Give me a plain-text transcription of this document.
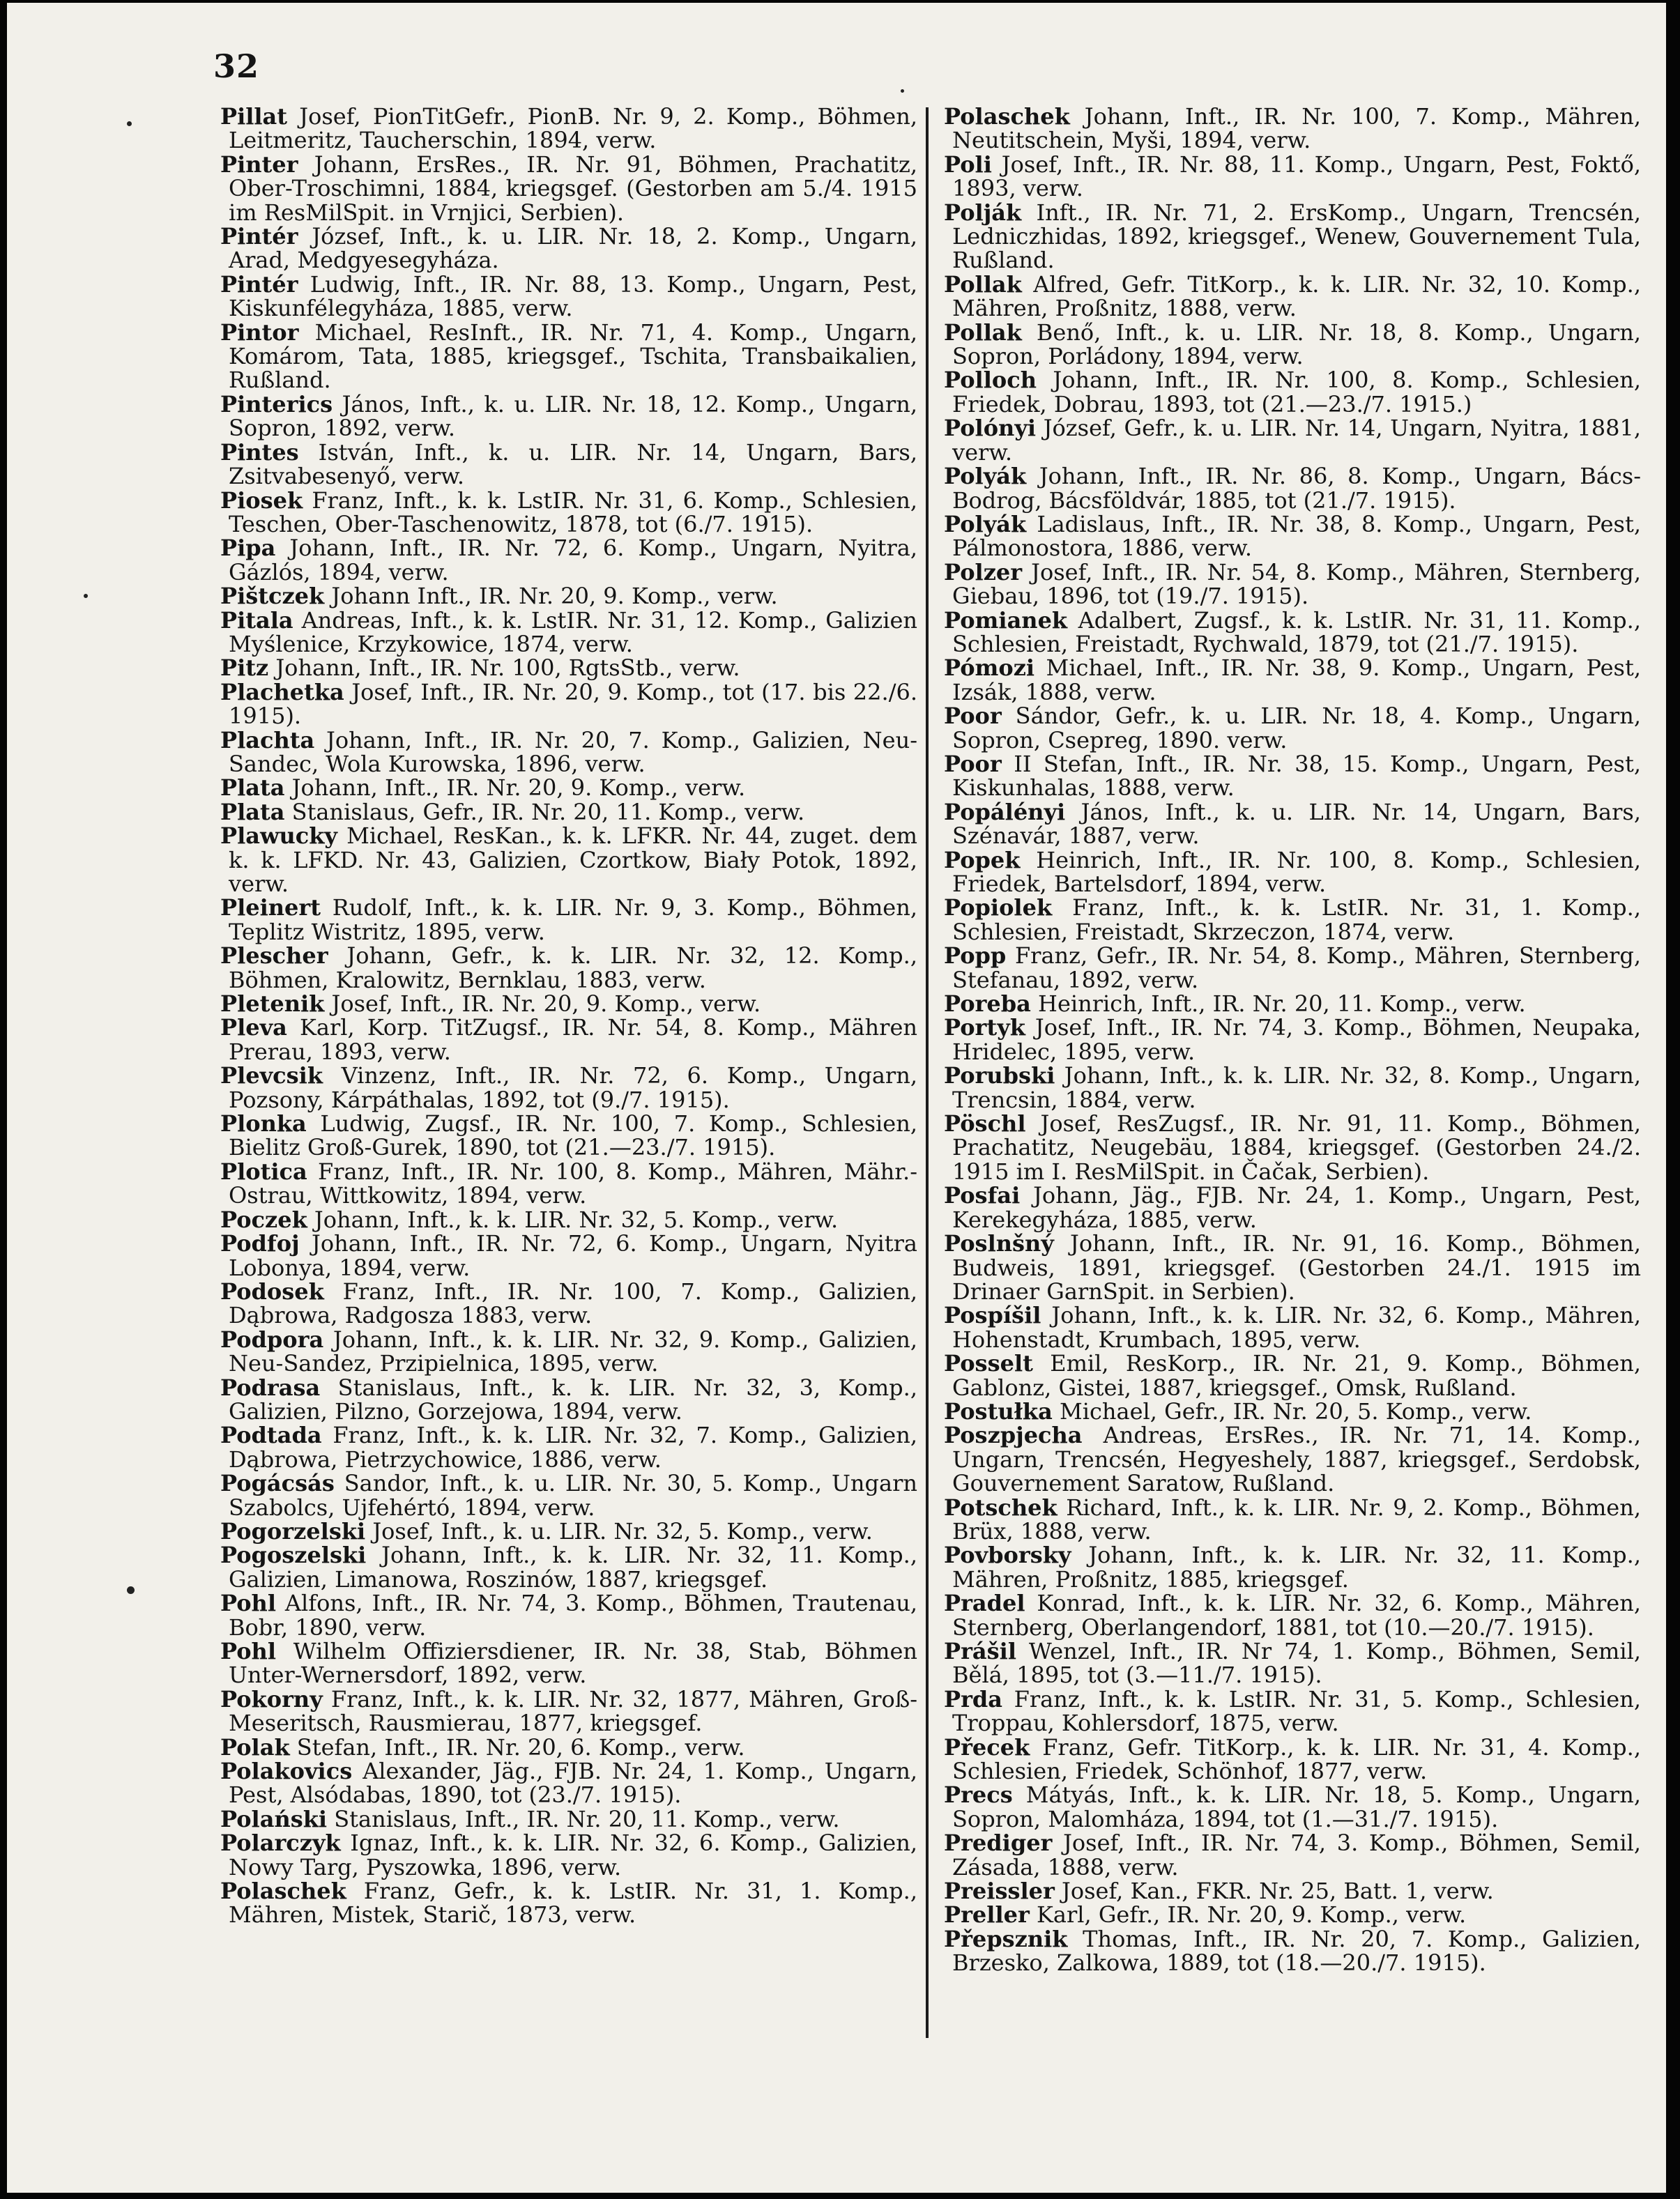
32

Pillat Josef, PionTitGefr., PionB. Nr. 9, 2. Komp., Böhmen, Leitmeritz, Taucherschin, 1894, verw.

Pinter Johann, ErsRes., IR. Nr. 91, Böhmen, Prachatitz, Ober-Troschimni, 1884, kriegsgef. (Gestorben am 5./4. 1915 im ResMilSpit. in Vrnjici, Serbien).

Pintér József, Inft., k. u. LIR. Nr. 18, 2. Komp., Ungarn, Arad, Medgyesegyháza.

Pintér Ludwig, Inft., IR. Nr. 88, 13. Komp., Ungarn, Pest, Kiskunfélegyháza, 1885, verw.

Pintor Michael, ResInft., IR. Nr. 71, 4. Komp., Ungarn, Komárom, Tata, 1885, kriegsgef., Tschita, Transbaikalien, Rußland.

Pinterics János, Inft., k. u. LIR. Nr. 18, 12. Komp., Ungarn, Sopron, 1892, verw.

Pintes István, Inft., k. u. LIR. Nr. 14, Ungarn, Bars, Zsitvabesenyő, verw.

Piosek Franz, Inft., k. k. LstIR. Nr. 31, 6. Komp., Schlesien, Teschen, Ober-Taschenowitz, 1878, tot (6./7. 1915).

Pipa Johann, Inft., IR. Nr. 72, 6. Komp., Ungarn, Nyitra, Gázlós, 1894, verw.

Pištczek Johann Inft., IR. Nr. 20, 9. Komp., verw.

Pitala Andreas, Inft., k. k. LstIR. Nr. 31, 12. Komp., Galizien Myślenice, Krzykowice, 1874, verw.

Pitz Johann, Inft., IR. Nr. 100, RgtsStb., verw.

Plachetka Josef, Inft., IR. Nr. 20, 9. Komp., tot (17. bis 22./6. 1915).

Plachta Johann, Inft., IR. Nr. 20, 7. Komp., Galizien, Neu-Sandec, Wola Kurowska, 1896, verw.

Plata Johann, Inft., IR. Nr. 20, 9. Komp., verw.

Plata Stanislaus, Gefr., IR. Nr. 20, 11. Komp., verw.

Plawucky Michael, ResKan., k. k. LFKR. Nr. 44, zuget. dem k. k. LFKD. Nr. 43, Galizien, Czortkow, Biały Potok, 1892, verw.

Pleinert Rudolf, Inft., k. k. LIR. Nr. 9, 3. Komp., Böhmen, Teplitz Wistritz, 1895, verw.

Plescher Johann, Gefr., k. k. LIR. Nr. 32, 12. Komp., Böhmen, Kralowitz, Bernklau, 1883, verw.

Pletenik Josef, Inft., IR. Nr. 20, 9. Komp., verw.

Pleva Karl, Korp. TitZugsf., IR. Nr. 54, 8. Komp., Mähren Prerau, 1893, verw.

Plevcsik Vinzenz, Inft., IR. Nr. 72, 6. Komp., Ungarn, Pozsony, Kárpáthalas, 1892, tot (9./7. 1915).

Plonka Ludwig, Zugsf., IR. Nr. 100, 7. Komp., Schlesien, Bielitz Groß-Gurek, 1890, tot (21.—23./7. 1915).

Plotica Franz, Inft., IR. Nr. 100, 8. Komp., Mähren, Mähr.-Ostrau, Wittkowitz, 1894, verw.

Poczek Johann, Inft., k. k. LIR. Nr. 32, 5. Komp., verw.

Podfoj Johann, Inft., IR. Nr. 72, 6. Komp., Ungarn, Nyitra Lobonya, 1894, verw.

Podosek Franz, Inft., IR. Nr. 100, 7. Komp., Galizien, Dąbrowa, Radgosza 1883, verw.

Podpora Johann, Inft., k. k. LIR. Nr. 32, 9. Komp., Galizien, Neu-Sandez, Przipielnica, 1895, verw.

Podrasa Stanislaus, Inft., k. k. LIR. Nr. 32, 3, Komp., Galizien, Pilzno, Gorzejowa, 1894, verw.

Podtada Franz, Inft., k. k. LIR. Nr. 32, 7. Komp., Galizien, Dąbrowa, Pietrzychowice, 1886, verw.

Pogácsás Sandor, Inft., k. u. LIR. Nr. 30, 5. Komp., Ungarn Szabolcs, Ujfehértó, 1894, verw.

Pogorzelski Josef, Inft., k. u. LIR. Nr. 32, 5. Komp., verw.

Pogoszelski Johann, Inft., k. k. LIR. Nr. 32, 11. Komp., Galizien, Limanowa, Roszinów, 1887, kriegsgef.

Pohl Alfons, Inft., IR. Nr. 74, 3. Komp., Böhmen, Trautenau, Bobr, 1890, verw.

Pohl Wilhelm Offiziersdiener, IR. Nr. 38, Stab, Böhmen Unter-Wernersdorf, 1892, verw.

Pokorny Franz, Inft., k. k. LIR. Nr. 32, 1877, Mähren, Groß-Meseritsch, Rausmierau, 1877, kriegsgef.

Polak Stefan, Inft., IR. Nr. 20, 6. Komp., verw.

Polakovics Alexander, Jäg., FJB. Nr. 24, 1. Komp., Ungarn, Pest, Alsódabas, 1890, tot (23./7. 1915).

Polański Stanislaus, Inft., IR. Nr. 20, 11. Komp., verw.

Polarczyk Ignaz, Inft., k. k. LIR. Nr. 32, 6. Komp., Galizien, Nowy Targ, Pyszowka, 1896, verw.

Polaschek Franz, Gefr., k. k. LstIR. Nr. 31, 1. Komp., Mähren, Mistek, Starič, 1873, verw.

Polaschek Johann, Inft., IR. Nr. 100, 7. Komp., Mähren, Neutitschein, Myši, 1894, verw.

Poli Josef, Inft., IR. Nr. 88, 11. Komp., Ungarn, Pest, Foktő, 1893, verw.

Polják Inft., IR. Nr. 71, 2. ErsKomp., Ungarn, Trencsén, Ledniczhidas, 1892, kriegsgef., Wenew, Gouvernement Tula, Rußland.

Pollak Alfred, Gefr. TitKorp., k. k. LIR. Nr. 32, 10. Komp., Mähren, Proßnitz, 1888, verw.

Pollak Benő, Inft., k. u. LIR. Nr. 18, 8. Komp., Ungarn, Sopron, Porládony, 1894, verw.

Polloch Johann, Inft., IR. Nr. 100, 8. Komp., Schlesien, Friedek, Dobrau, 1893, tot (21.—23./7. 1915.)

Polónyi József, Gefr., k. u. LIR. Nr. 14, Ungarn, Nyitra, 1881, verw.

Polyák Johann, Inft., IR. Nr. 86, 8. Komp., Ungarn, Bács-Bodrog, Bácsföldvár, 1885, tot (21./7. 1915).

Polyák Ladislaus, Inft., IR. Nr. 38, 8. Komp., Ungarn, Pest, Pálmonostora, 1886, verw.

Polzer Josef, Inft., IR. Nr. 54, 8. Komp., Mähren, Sternberg, Giebau, 1896, tot (19./7. 1915).

Pomianek Adalbert, Zugsf., k. k. LstIR. Nr. 31, 11. Komp., Schlesien, Freistadt, Rychwald, 1879, tot (21./7. 1915).

Pómozi Michael, Inft., IR. Nr. 38, 9. Komp., Ungarn, Pest, Izsák, 1888, verw.

Poor Sándor, Gefr., k. u. LIR. Nr. 18, 4. Komp., Ungarn, Sopron, Csepreg, 1890. verw.

Poor II Stefan, Inft., IR. Nr. 38, 15. Komp., Ungarn, Pest, Kiskunhalas, 1888, verw.

Popálényi János, Inft., k. u. LIR. Nr. 14, Ungarn, Bars, Szénavár, 1887, verw.

Popek Heinrich, Inft., IR. Nr. 100, 8. Komp., Schlesien, Friedek, Bartelsdorf, 1894, verw.

Popiolek Franz, Inft., k. k. LstIR. Nr. 31, 1. Komp., Schlesien, Freistadt, Skrzeczon, 1874, verw.

Popp Franz, Gefr., IR. Nr. 54, 8. Komp., Mähren, Sternberg, Stefanau, 1892, verw.

Poreba Heinrich, Inft., IR. Nr. 20, 11. Komp., verw.

Portyk Josef, Inft., IR. Nr. 74, 3. Komp., Böhmen, Neupaka, Hridelec, 1895, verw.

Porubski Johann, Inft., k. k. LIR. Nr. 32, 8. Komp., Ungarn, Trencsin, 1884, verw.

Pöschl Josef, ResZugsf., IR. Nr. 91, 11. Komp., Böhmen, Prachatitz, Neugebäu, 1884, kriegsgef. (Gestorben 24./2. 1915 im I. ResMilSpit. in Čačak, Serbien).

Posfai Johann, Jäg., FJB. Nr. 24, 1. Komp., Ungarn, Pest, Kerekegyháza, 1885, verw.

Poslnšný Johann, Inft., IR. Nr. 91, 16. Komp., Böhmen, Budweis, 1891, kriegsgef. (Gestorben 24./1. 1915 im Drinaer GarnSpit. in Serbien).

Pospíšil Johann, Inft., k. k. LIR. Nr. 32, 6. Komp., Mähren, Hohenstadt, Krumbach, 1895, verw.

Posselt Emil, ResKorp., IR. Nr. 21, 9. Komp., Böhmen, Gablonz, Gistei, 1887, kriegsgef., Omsk, Rußland.

Postułka Michael, Gefr., IR. Nr. 20, 5. Komp., verw.

Poszpjecha Andreas, ErsRes., IR. Nr. 71, 14. Komp., Ungarn, Trencsén, Hegyeshely, 1887, kriegsgef., Serdobsk, Gouvernement Saratow, Rußland.

Potschek Richard, Inft., k. k. LIR. Nr. 9, 2. Komp., Böhmen, Brüx, 1888, verw.

Povborsky Johann, Inft., k. k. LIR. Nr. 32, 11. Komp., Mähren, Proßnitz, 1885, kriegsgef.

Pradel Konrad, Inft., k. k. LIR. Nr. 32, 6. Komp., Mähren, Sternberg, Oberlangendorf, 1881, tot (10.—20./7. 1915).

Prášil Wenzel, Inft., IR. Nr 74, 1. Komp., Böhmen, Semil, Bělá, 1895, tot (3.—11./7. 1915).

Prda Franz, Inft., k. k. LstIR. Nr. 31, 5. Komp., Schlesien, Troppau, Kohlersdorf, 1875, verw.

Přecek Franz, Gefr. TitKorp., k. k. LIR. Nr. 31, 4. Komp., Schlesien, Friedek, Schönhof, 1877, verw.

Precs Mátyás, Inft., k. k. LIR. Nr. 18, 5. Komp., Ungarn, Sopron, Malomháza, 1894, tot (1.—31./7. 1915).

Prediger Josef, Inft., IR. Nr. 74, 3. Komp., Böhmen, Semil, Zásada, 1888, verw.

Preissler Josef, Kan., FKR. Nr. 25, Batt. 1, verw.

Preller Karl, Gefr., IR. Nr. 20, 9. Komp., verw.

Přepsznik Thomas, Inft., IR. Nr. 20, 7. Komp., Galizien, Brzesko, Zalkowa, 1889, tot (18.—20./7. 1915).
